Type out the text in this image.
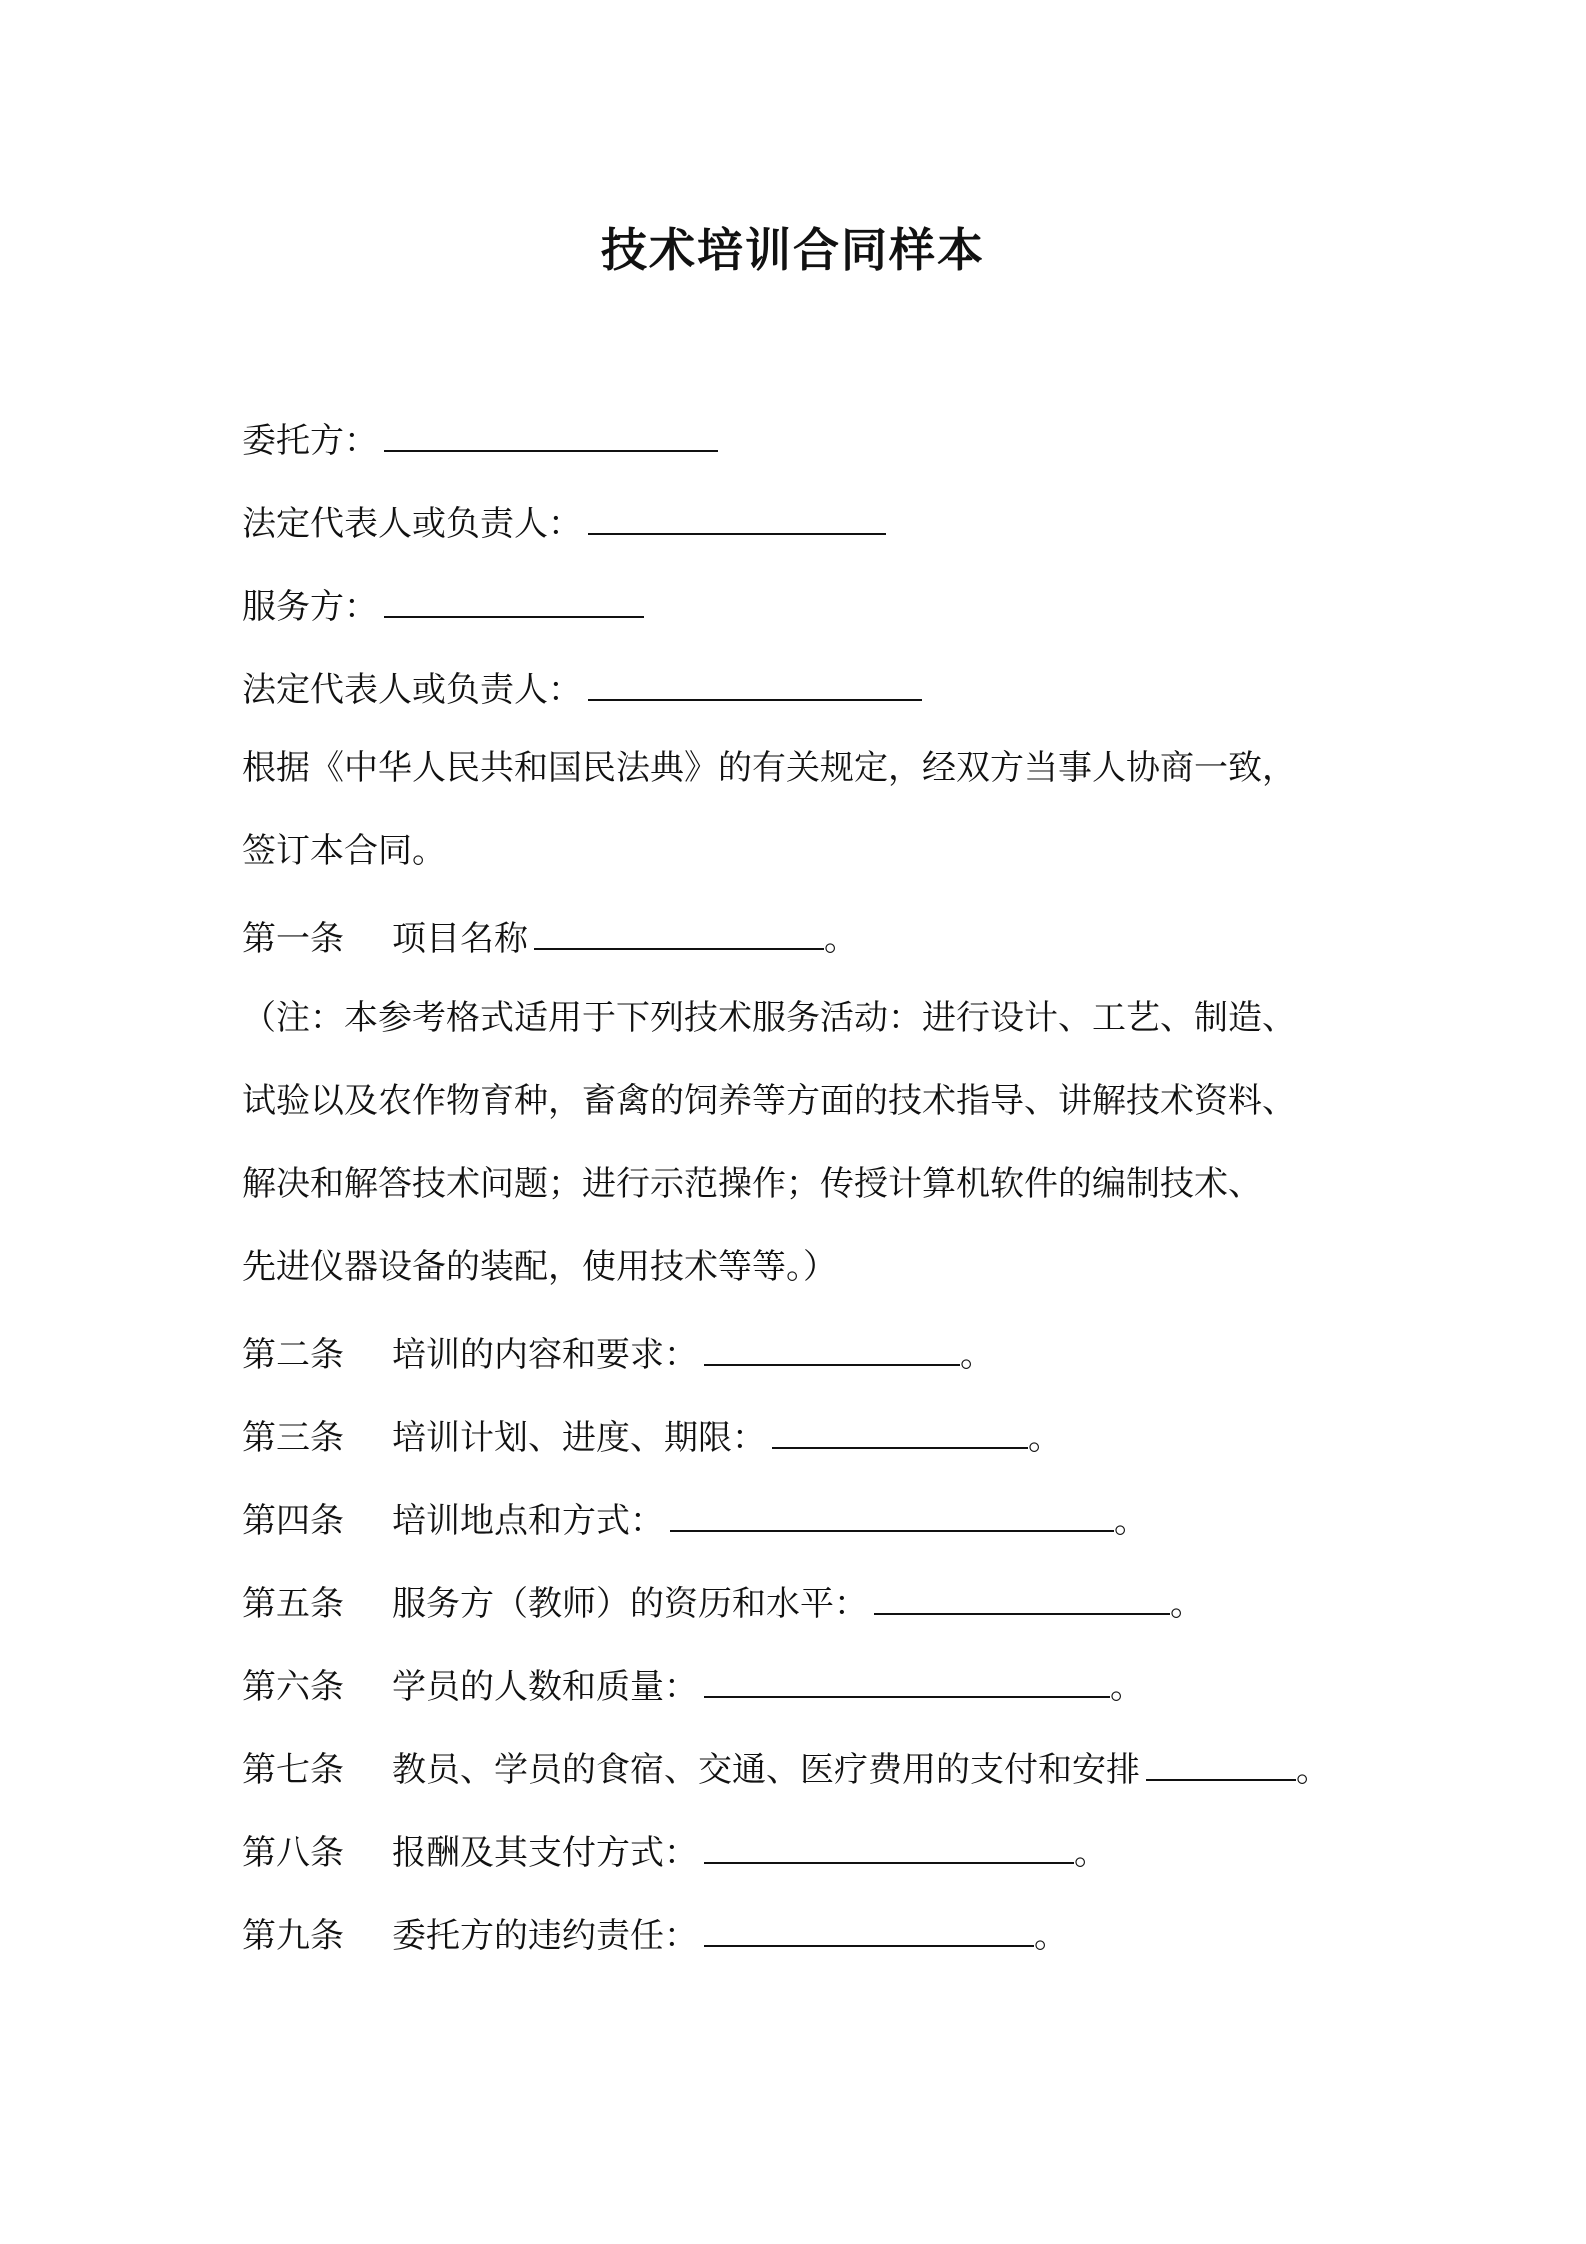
技术培训合同样本

委托方：

法定代表人或负责人：

服务方：

法定代表人或负责人：

根据《中华人民共和国民法典》的有关规定，经双方当事人协商一致，

签订本合同。

第一条 项目名称	。

（注：本参考格式适用于下列技术服务活动：进行设计、工艺、制造、

试验以及农作物育种，畜禽的饲养等方面的技术指导、讲解技术资料、

解决和解答技术问题；进行示范操作；传授计算机软件的编制技术、

先进仪器设备的装配，使用技术等等。）

第二条 培训的内容和要求：	。

第三条 培训计划、进度、期限：	。

第四条 培训地点和方式：	。

第五条 服务方（教师）的资历和水平：	。

第六条 学员的人数和质量：	。

第七条 教员、学员的食宿、交通、医疗费用的支付和安排	。

第八条 报酬及其支付方式：	。

第九条 委托方的违约责任：	。
